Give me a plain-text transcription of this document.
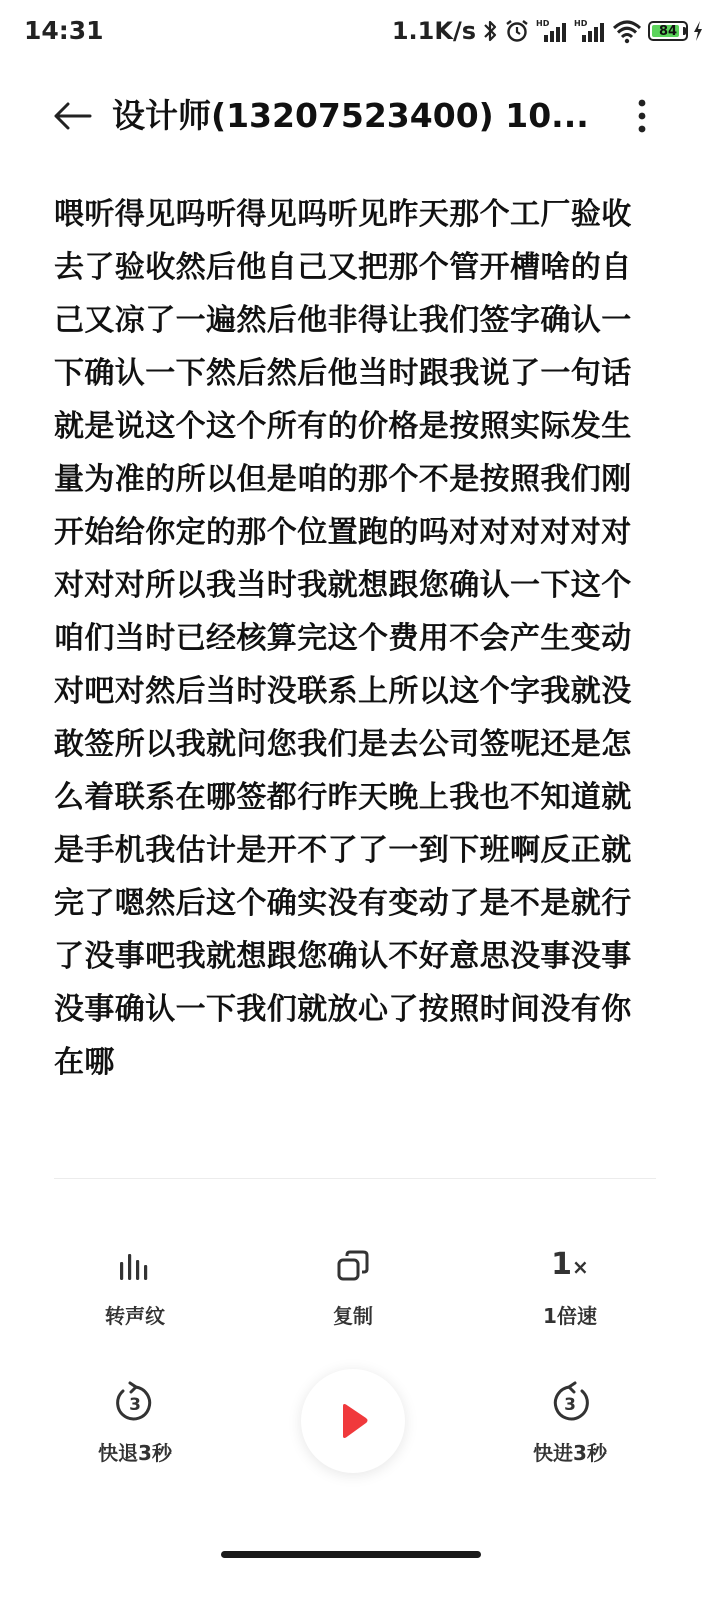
14:31	1.1K/s	HD	HD	84
设计师(13207523400) 10...

喂听得见吗听得见吗听见昨天那个工厂验收去了验收然后他自己又把那个管开槽啥的自己又凉了一遍然后他非得让我们签字确认一下确认一下然后然后他当时跟我说了一句话就是说这个这个所有的价格是按照实际发生量为准的所以但是咱的那个不是按照我们刚开始给你定的那个位置跑的吗对对对对对对对对对所以我当时我就想跟您确认一下这个咱们当时已经核算完这个费用不会产生变动对吧对然后当时没联系上所以这个字我就没敢签所以我就问您我们是去公司签呢还是怎么着联系在哪签都行昨天晚上我也不知道就是手机我估计是开不了了一到下班啊反正就完了嗯然后这个确实没有变动了是不是就行了没事吧我就想跟您确认不好意思没事没事没事确认一下我们就放心了按照时间没有你在哪

转声纹	复制
1×
1倍速
3
快退3秒
3
快进3秒
